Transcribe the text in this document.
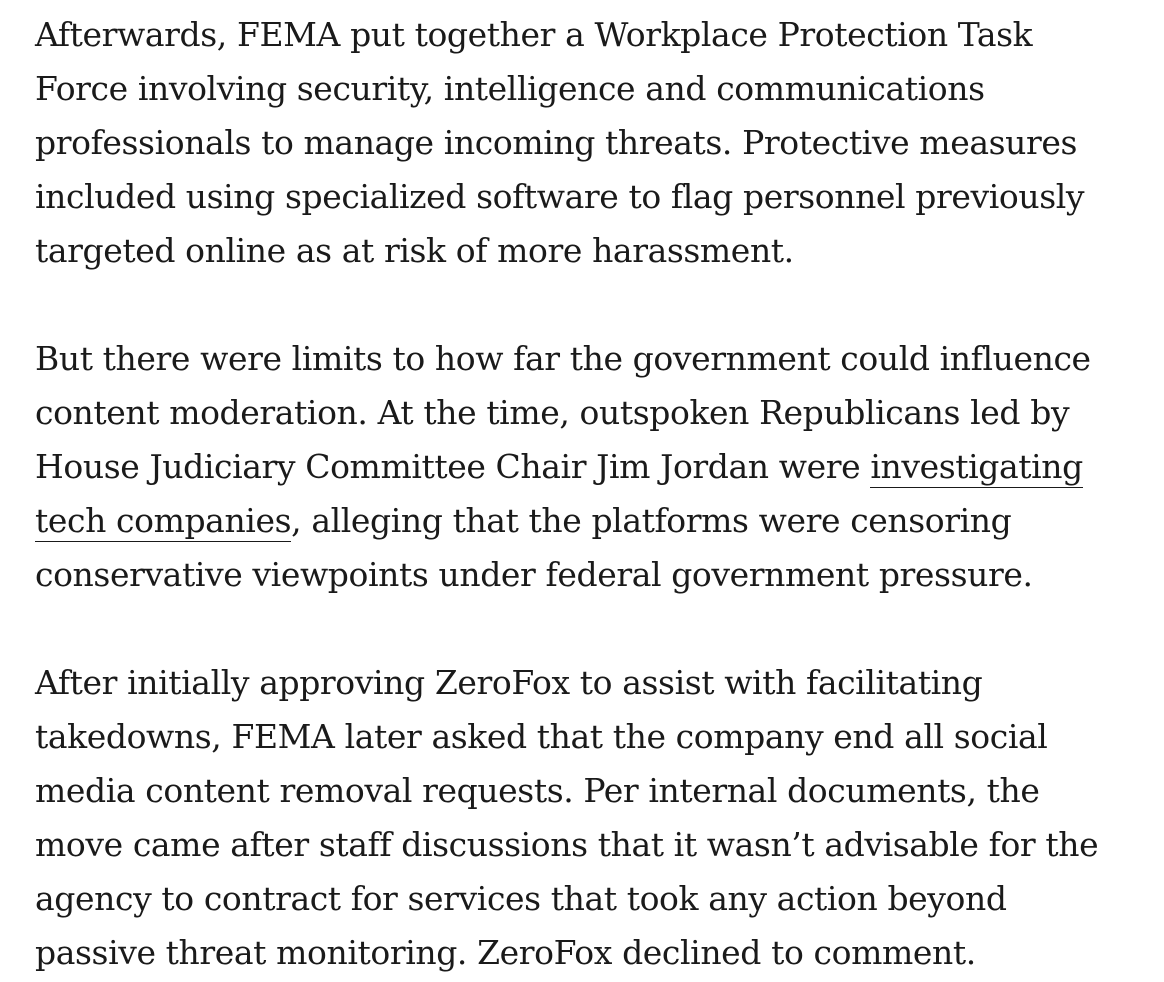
Afterwards, FEMA put together a Workplace Protection Task Force involving security, intelligence and communications professionals to manage incoming threats. Protective measures included using specialized software to flag personnel previously targeted online as at risk of more harassment.

But there were limits to how far the government could influence content moderation. At the time, outspoken Republicans led by House Judiciary Committee Chair Jim Jordan were investigating tech companies, alleging that the platforms were censoring conservative viewpoints under federal government pressure.

After initially approving ZeroFox to assist with facilitating takedowns, FEMA later asked that the company end all social media content removal requests. Per internal documents, the move came after staff discussions that it wasn’t advisable for the agency to contract for services that took any action beyond passive threat monitoring. ZeroFox declined to comment.
